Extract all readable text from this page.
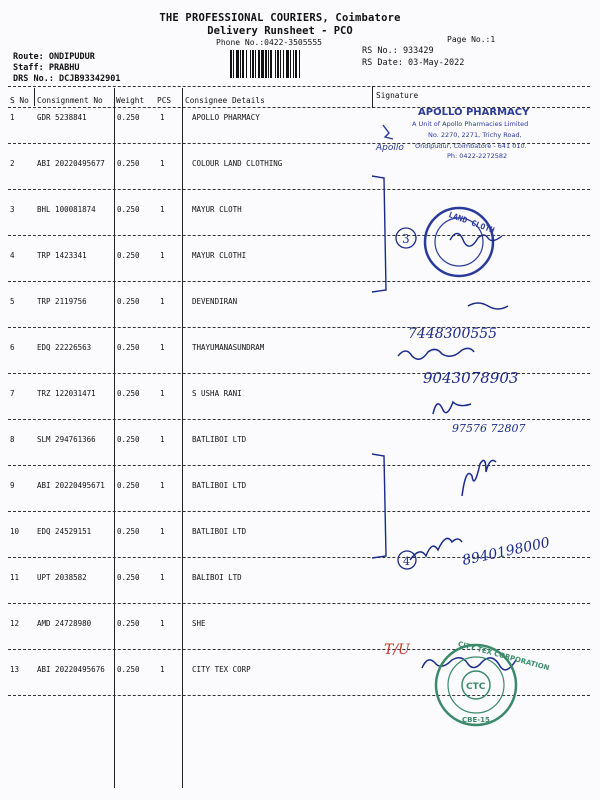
THE PROFESSIONAL COURIERS, Coimbatore
Delivery Runsheet - PCO
Phone No.:0422-3505555	Page No.:1
RS No.: 933429
RS Date: 03-May-2022
Route: ONDIPUDUR
Staff: PRABHU
DRS No.: DCJB93342901
S No Consignment No Weight PCS Consignee Details
Signature
1	GDR 5238841	0.250	1	APOLLO PHARMACY
2	ABI 20220495677 0.250	1	COLOUR LAND CLOTHING
3	BHL 100081874	0.250	1	MAYUR CLOTH
4	TRP 1423341	0.250	1	MAYUR CLOTHI
5	TRP 2119756	0.250	1	DEVENDIRAN
6	EDQ 22226563	0.250	1	THAYUMANASUNDRAM
7	TRZ 122031471	0.250	1	S USHA RANI
8	SLM 294761366	0.250	1	BATLIBOI LTD
9	ABI 20220495671 0.250	1	BATLIBOI LTD
10 EDQ 24529151	0.250	1	BATLIBOI LTD
11 UPT 2038582	0.250	1	BALIBOI LTD
12 AMD 24728980	0.250	1	SHE
13 ABI 20220495676 0.250	1	CITY TEX CORP
APOLLO PHARMACY
A Unit of Apollo Pharmacies Limited
No. 2270, 2271, Trichy Road,
Ondipudur, Coimbatore - 641 010.
Ph: 0422-2272582
Apollo
LAND CLOTH
3
7448300555
9043078903
97576 72807
4	8940198000
T/U
CTC
CITY TEX CORPORATION
CBE-15.
